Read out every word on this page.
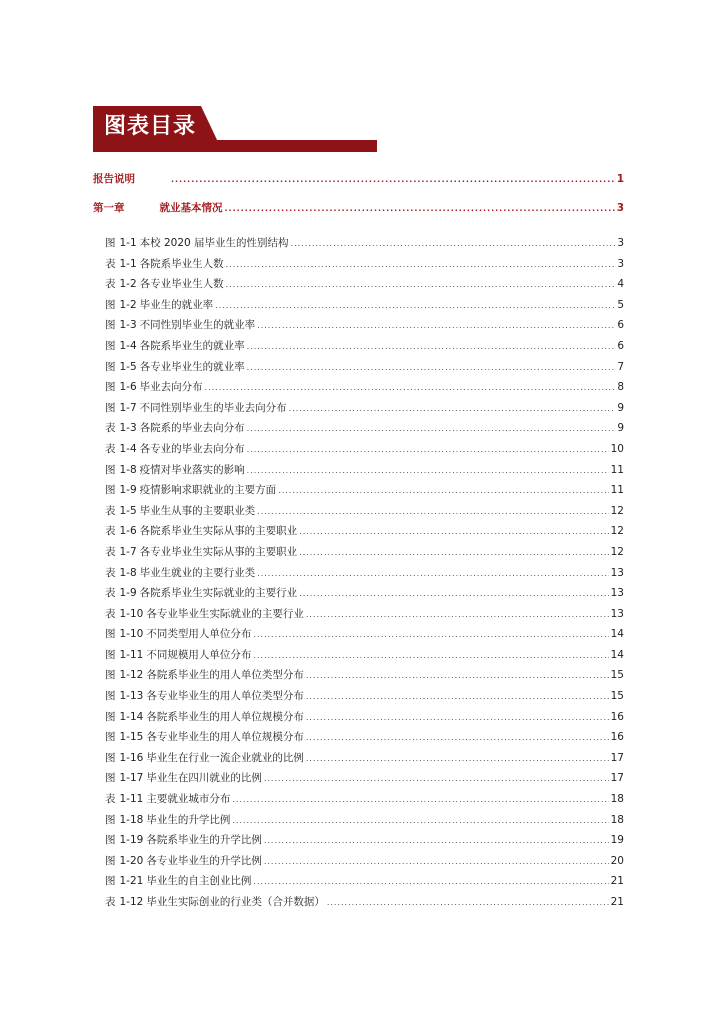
图表目录
报告说明 .....	1
第一章	就业基本情况 .....	3
图 1-1 本校 2020 届毕业生的性别结构 .....	3
表 1-1 各院系毕业生人数 .....	3
表 1-2 各专业毕业生人数 .....	4
图 1-2 毕业生的就业率 .....	5
图 1-3 不同性别毕业生的就业率 .....	6
图 1-4 各院系毕业生的就业率 .....	6
图 1-5 各专业毕业生的就业率 .....	7
图 1-6 毕业去向分布 .....	8
图 1-7 不同性别毕业生的毕业去向分布 .....	9
表 1-3 各院系的毕业去向分布 .....	9
表 1-4 各专业的毕业去向分布 .....	10
图 1-8 疫情对毕业落实的影响 .....	11
图 1-9 疫情影响求职就业的主要方面 .....	11
表 1-5 毕业生从事的主要职业类 .....	12
表 1-6 各院系毕业生实际从事的主要职业 .....	12
表 1-7 各专业毕业生实际从事的主要职业 .....	12
表 1-8 毕业生就业的主要行业类 .....	13
表 1-9 各院系毕业生实际就业的主要行业 .....	13
表 1-10 各专业毕业生实际就业的主要行业 .....	13
图 1-10 不同类型用人单位分布 .....	14
图 1-11 不同规模用人单位分布 .....	14
图 1-12 各院系毕业生的用人单位类型分布 .....	15
图 1-13 各专业毕业生的用人单位类型分布 .....	15
图 1-14 各院系毕业生的用人单位规模分布 .....	16
图 1-15 各专业毕业生的用人单位规模分布 .....	16
图 1-16 毕业生在行业一流企业就业的比例 .....	17
图 1-17 毕业生在四川就业的比例 .....	17
表 1-11 主要就业城市分布 .....	18
图 1-18 毕业生的升学比例 .....	18
图 1-19 各院系毕业生的升学比例 .....	19
图 1-20 各专业毕业生的升学比例 .....	20
图 1-21 毕业生的自主创业比例 .....	21
表 1-12 毕业生实际创业的行业类（合并数据） .....	21
